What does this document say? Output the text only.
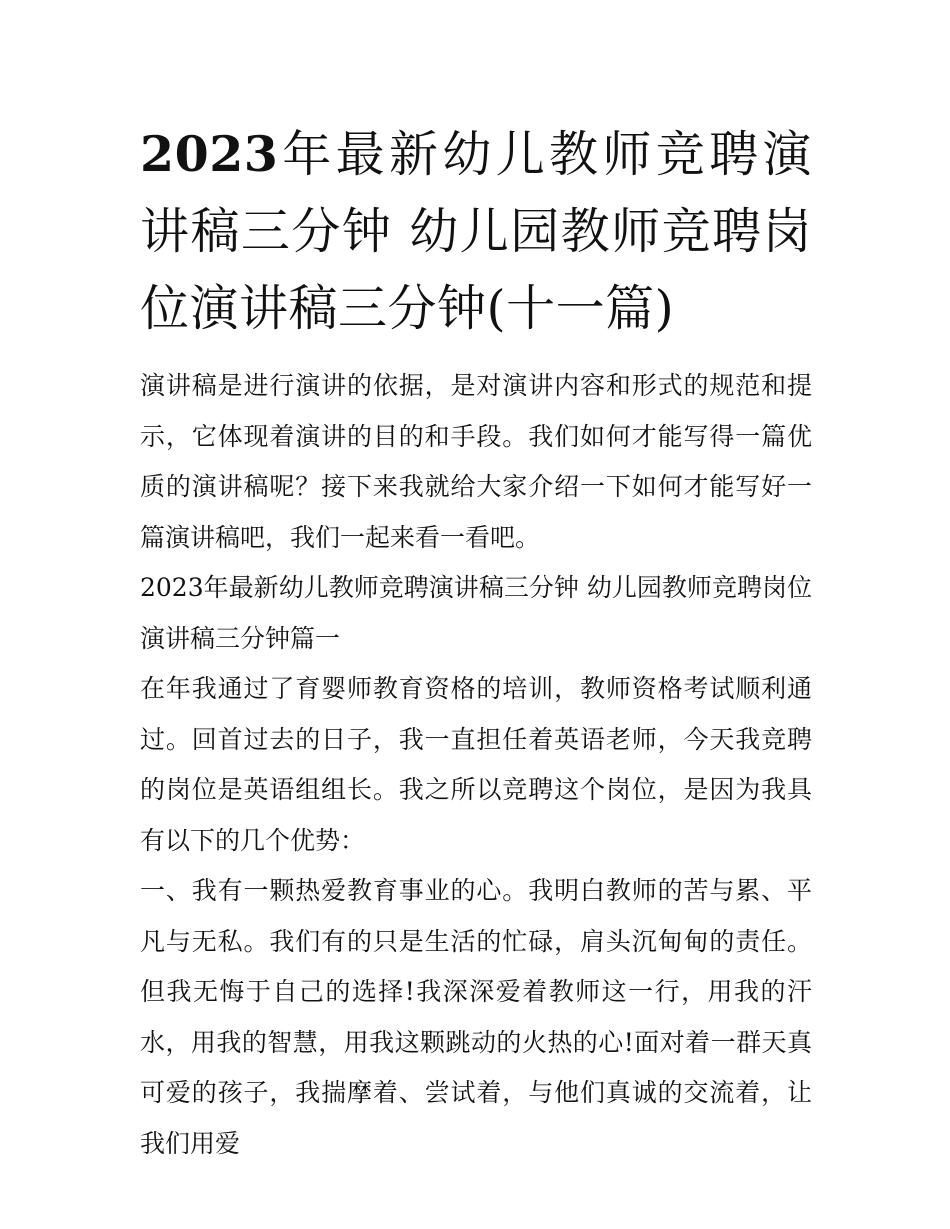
2023年最新幼儿教师竞聘演讲稿三分钟 幼儿园教师竞聘岗位演讲稿三分钟(十一篇)

演讲稿是进行演讲的依据，是对演讲内容和形式的规范和提示，它体现着演讲的目的和手段。我们如何才能写得一篇优质的演讲稿呢？接下来我就给大家介绍一下如何才能写好一篇演讲稿吧，我们一起来看一看吧。

2023年最新幼儿教师竞聘演讲稿三分钟 幼儿园教师竞聘岗位演讲稿三分钟篇一

在年我通过了育婴师教育资格的培训，教师资格考试顺利通过。回首过去的日子，我一直担任着英语老师，今天我竞聘的岗位是英语组组长。我之所以竞聘这个岗位，是因为我具有以下的几个优势：

一、我有一颗热爱教育事业的心。我明白教师的苦与累、平凡与无私。我们有的只是生活的忙碌，肩头沉甸甸的责任。但我无悔于自己的选择!我深深爱着教师这一行，用我的汗水，用我的智慧，用我这颗跳动的火热的心!面对着一群天真可爱的孩子，我揣摩着、尝试着，与他们真诚的交流着，让我们用爱
